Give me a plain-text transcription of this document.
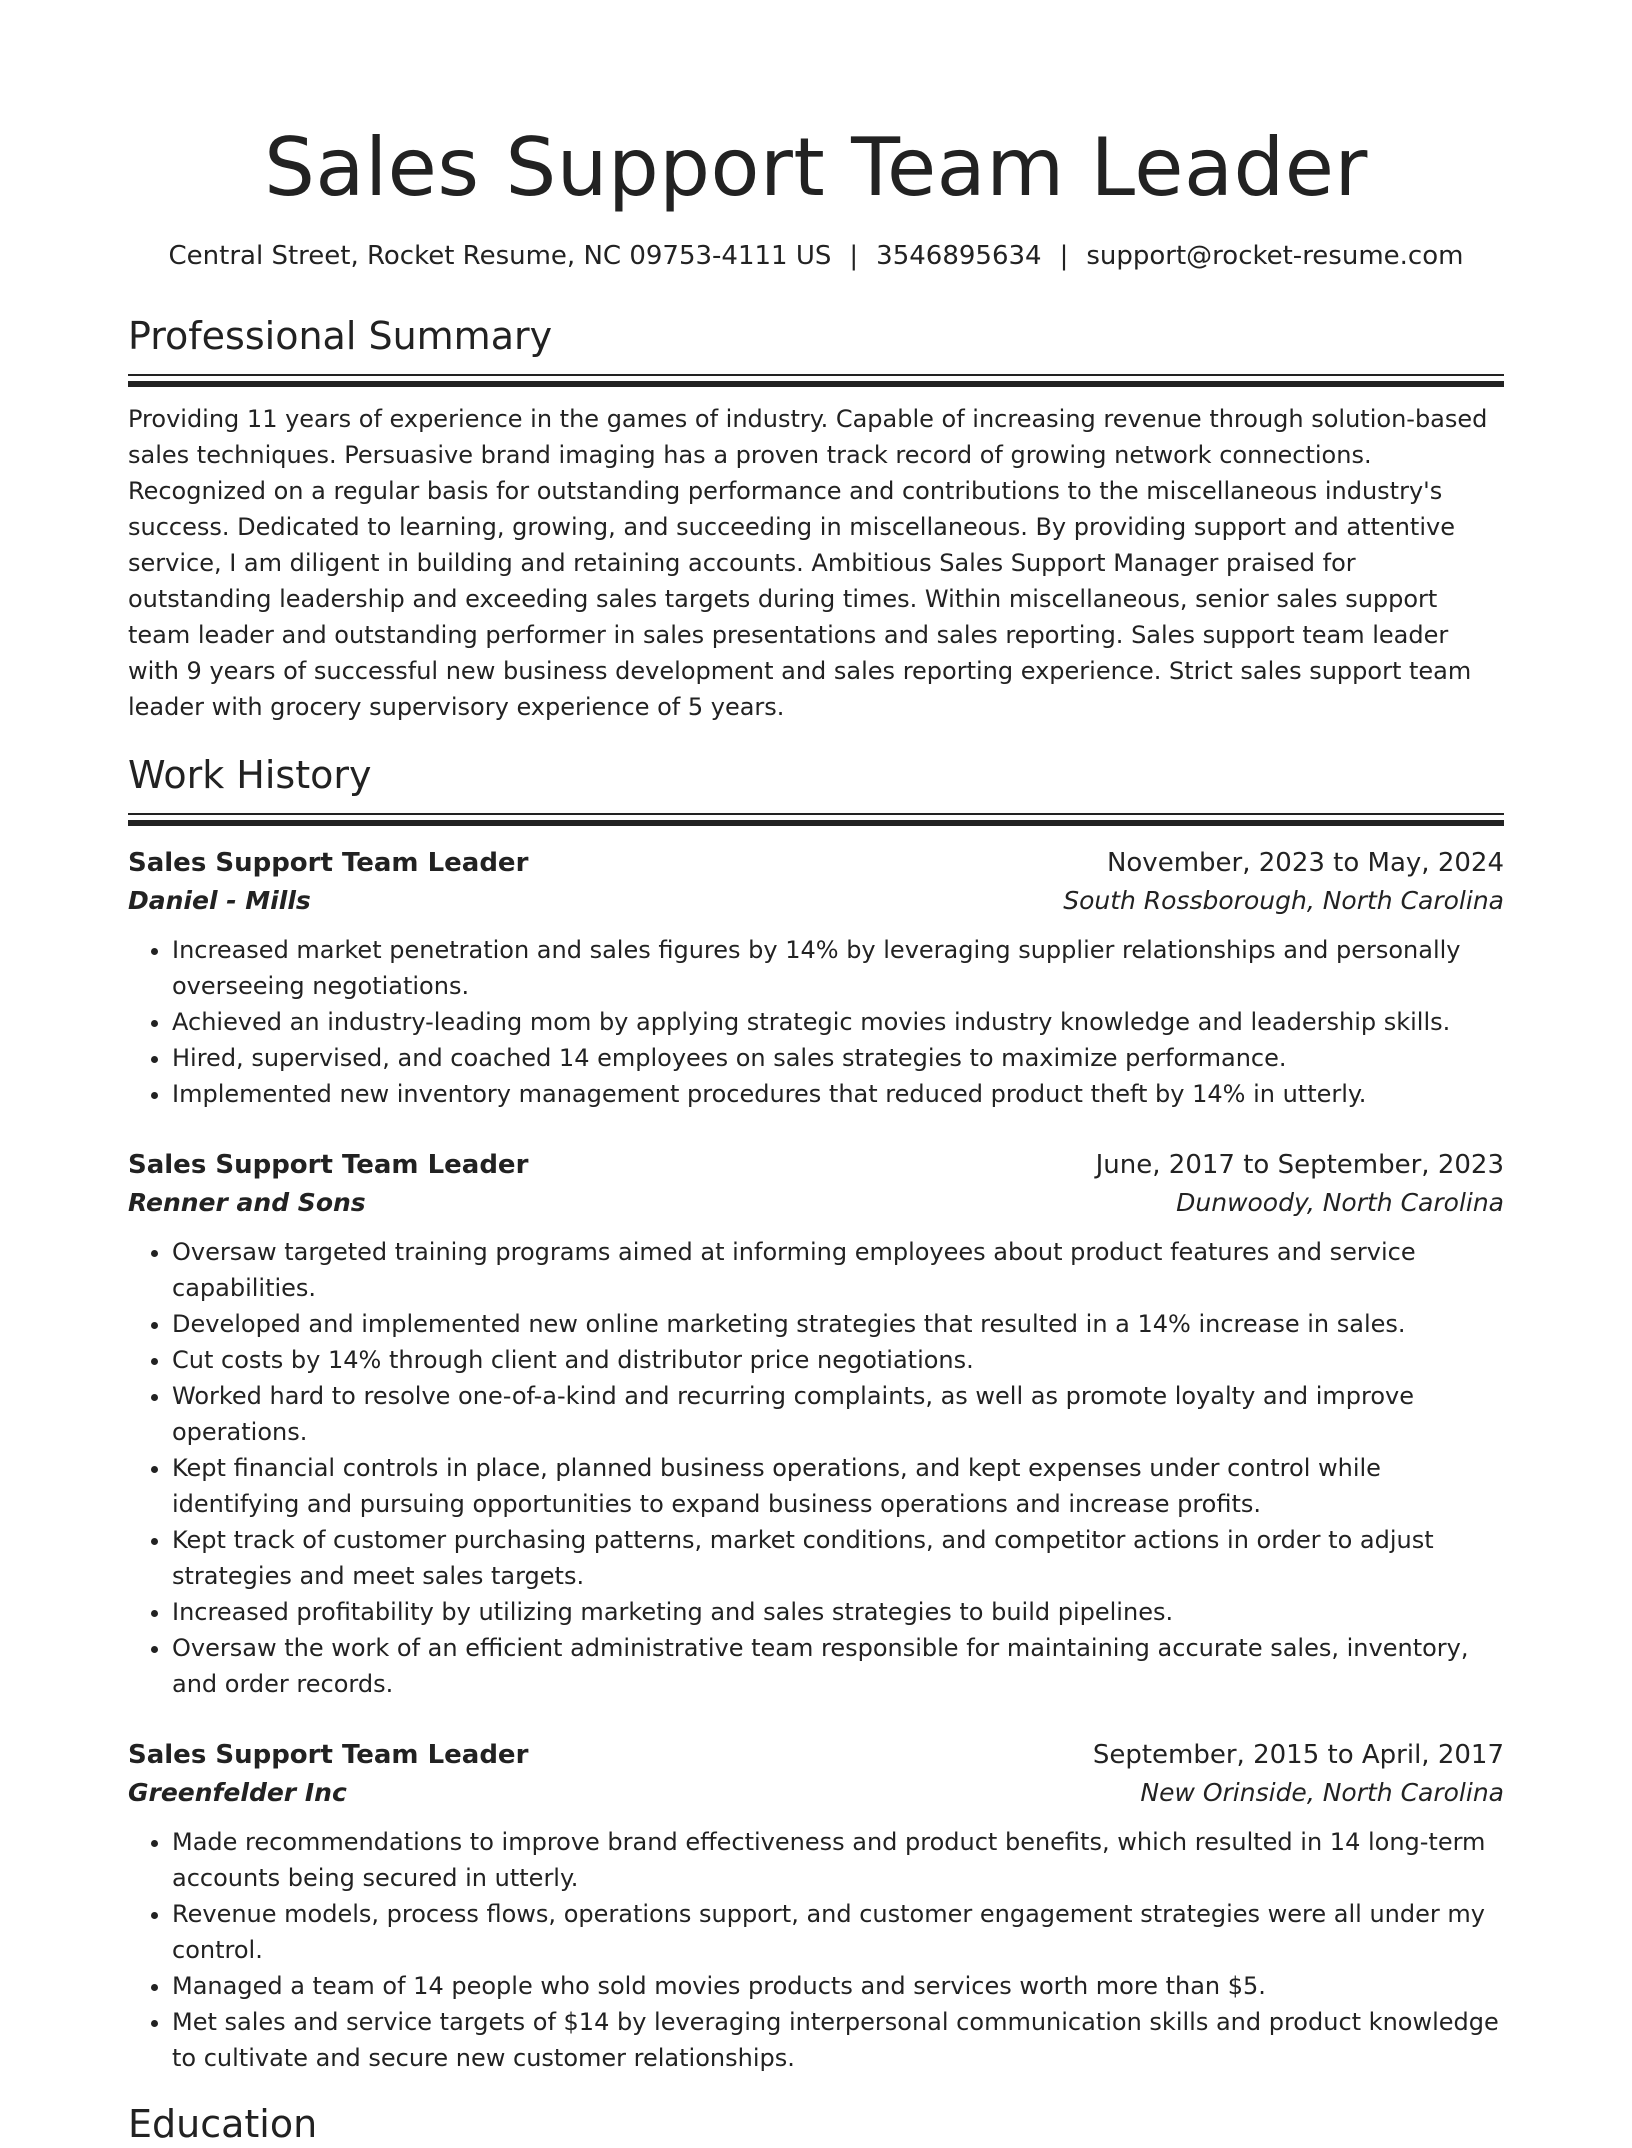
Sales Support Team Leader
Central Street, Rocket Resume, NC 09753-4111 US | 3546895634 | support@rocket-resume.com
Professional Summary

Providing 11 years of experience in the games of industry. Capable of increasing revenue through solution-based sales techniques. Persuasive brand imaging has a proven track record of growing network connections. Recognized on a regular basis for outstanding performance and contributions to the miscellaneous industry's success. Dedicated to learning, growing, and succeeding in miscellaneous. By providing support and attentive service, I am diligent in building and retaining accounts. Ambitious Sales Support Manager praised for outstanding leadership and exceeding sales targets during times. Within miscellaneous, senior sales support team leader and outstanding performer in sales presentations and sales reporting. Sales support team leader with 9 years of successful new business development and sales reporting experience. Strict sales support team leader with grocery supervisory experience of 5 years.

Work History
Sales Support Team Leader	November, 2023 to May, 2024
Daniel - Mills	South Rossborough, North Carolina
• Increased market penetration and sales figures by 14% by leveraging supplier relationships and personally overseeing negotiations.
• Achieved an industry-leading mom by applying strategic movies industry knowledge and leadership skills.
• Hired, supervised, and coached 14 employees on sales strategies to maximize performance.
• Implemented new inventory management procedures that reduced product theft by 14% in utterly.
Sales Support Team Leader	June, 2017 to September, 2023
Renner and Sons	Dunwoody, North Carolina
• Oversaw targeted training programs aimed at informing employees about product features and service capabilities.
• Developed and implemented new online marketing strategies that resulted in a 14% increase in sales.
• Cut costs by 14% through client and distributor price negotiations.
• Worked hard to resolve one-of-a-kind and recurring complaints, as well as promote loyalty and improve operations.
• Kept financial controls in place, planned business operations, and kept expenses under control while identifying and pursuing opportunities to expand business operations and increase profits.
• Kept track of customer purchasing patterns, market conditions, and competitor actions in order to adjust strategies and meet sales targets.
• Increased profitability by utilizing marketing and sales strategies to build pipelines.
• Oversaw the work of an efficient administrative team responsible for maintaining accurate sales, inventory, and order records.
Sales Support Team Leader	September, 2015 to April, 2017
Greenfelder Inc	New Orinside, North Carolina
• Made recommendations to improve brand effectiveness and product benefits, which resulted in 14 long-term accounts being secured in utterly.
• Revenue models, process flows, operations support, and customer engagement strategies were all under my control.
• Managed a team of 14 people who sold movies products and services worth more than $5.
• Met sales and service targets of $14 by leveraging interpersonal communication skills and product knowledge to cultivate and secure new customer relationships.
Education
